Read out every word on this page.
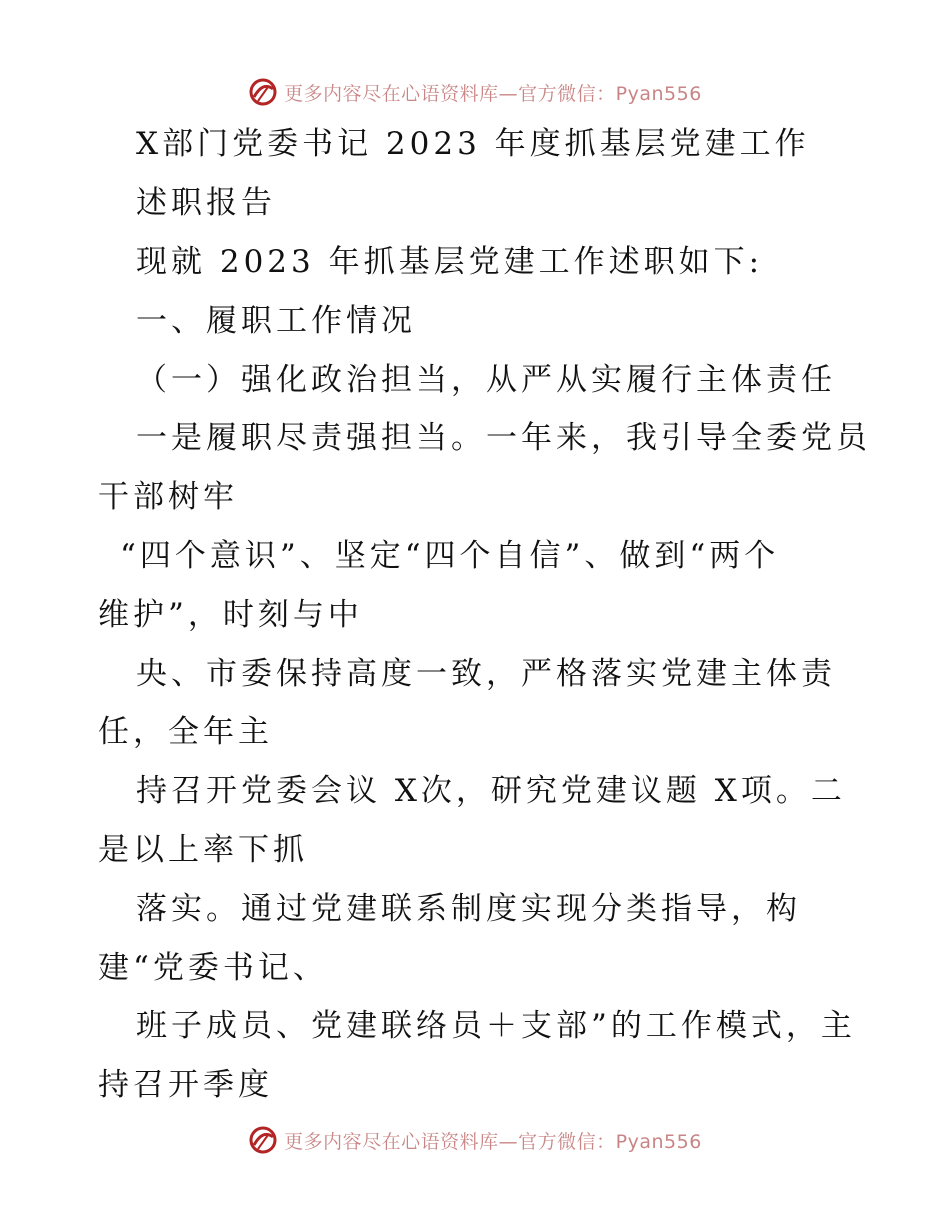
更多内容尽在心语资料库—官方微信：Pyan556
X部门党委书记 2023 年度抓基层党建工作
述职报告
现就 2023 年抓基层党建工作述职如下:
一、履职工作情况
（一）强化政治担当，从严从实履行主体责任
一是履职尽责强担当。一年来，我引导全委党员
干部树牢
“四个意识”、坚定“四个自信”、做到“两个
维护”，时刻与中
央、市委保持高度一致，严格落实党建主体责
任，全年主
持召开党委会议 X次，研究党建议题 X项。二
是以上率下抓
落实。通过党建联系制度实现分类指导，构
建“党委书记、
班子成员、党建联络员＋支部”的工作模式，主
持召开季度
更多内容尽在心语资料库—官方微信：Pyan556
